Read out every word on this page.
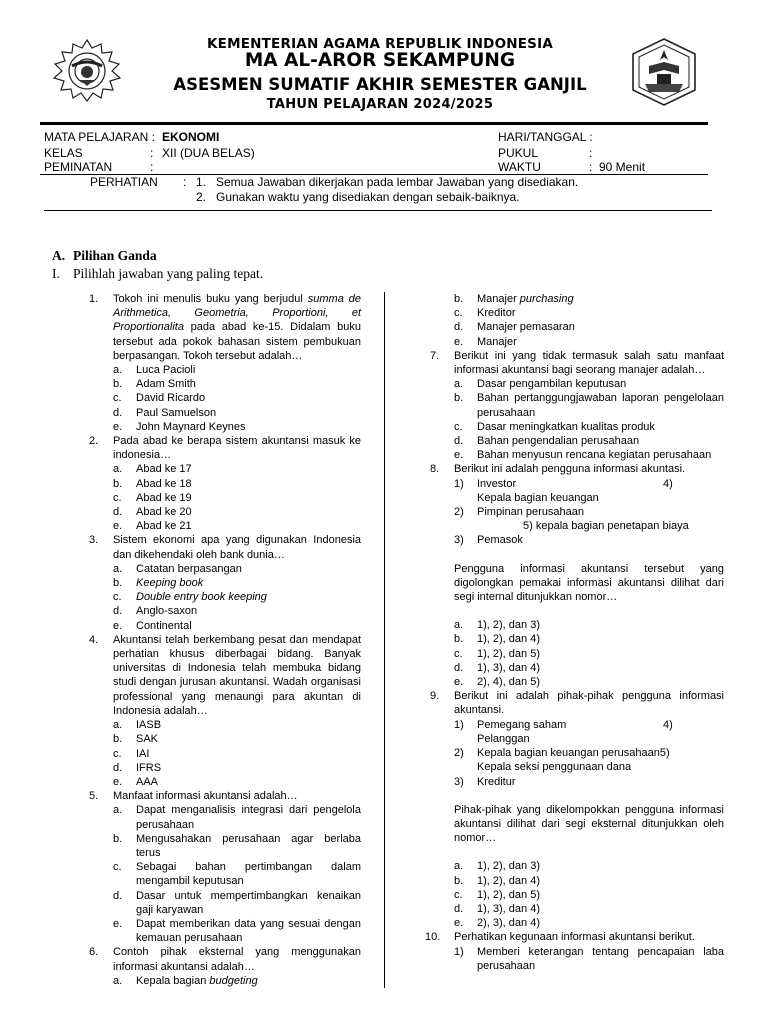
KEMENTERIAN AGAMA REPUBLIK INDONESIA
MA AL-AROR SEKAMPUNG
ASESMEN SUMATIF AKHIR SEMESTER GANJIL
TAHUN PELAJARAN 2024/2025
MATA PELAJARAN : EKONOMI
KELAS	: XII (DUA BELAS)
PEMINATAN	:
HARI/TANGGAL :
PUKUL	:
WAKTU	: 90 Menit
PERHATIAN : 1. Semua Jawaban dikerjakan pada lembar Jawaban yang disediakan.
2. Gunakan waktu yang disediakan dengan sebaik-baiknya.
A. Pilihan Ganda
I. Pilihlah jawaban yang paling tepat.
1. Tokoh ini menulis buku yang berjudul summa de Arithmetica, Geometria, Proportioni, et Proportionalita pada abad ke-15. Didalam buku tersebut ada pokok bahasan sistem pembukuan berpasangan. Tokoh tersebut adalah…
a. Luca Pacioli
b. Adam Smith
c. David Ricardo
d. Paul Samuelson
e. John Maynard Keynes
2. Pada abad ke berapa sistem akuntansi masuk ke indonesia…
a. Abad ke 17
b. Abad ke 18
c. Abad ke 19
d. Abad ke 20
e. Abad ke 21
3. Sistem ekonomi apa yang digunakan Indonesia dan dikehendaki oleh bank dunia…
a. Catatan berpasangan
b. Keeping book
c. Double entry book keeping
d. Anglo-saxon
e. Continental
4. Akuntansi telah berkembang pesat dan mendapat perhatian khusus diberbagai bidang. Banyak universitas di Indonesia telah membuka bidang studi dengan jurusan akuntansi. Wadah organisasi professional yang menaungi para akuntan di Indonesia adalah…
a. IASB
b. SAK
c. IAI
d. IFRS
e. AAA
5. Manfaat informasi akuntansi adalah…
a. Dapat menganalisis integrasi dari pengelola perusahaan
b. Mengusahakan perusahaan agar berlaba terus
c. Sebagai bahan pertimbangan dalam mengambil keputusan
d. Dasar untuk mempertimbangkan kenaikan gaji karyawan
e. Dapat memberikan data yang sesuai dengan kemauan perusahaan
6. Contoh pihak eksternal yang menggunakan informasi akuntansi adalah…
a. Kepala bagian budgeting
b. Manajer purchasing
c. Kreditor
d. Manajer pemasaran
e. Manajer
7. Berikut ini yang tidak termasuk salah satu manfaat informasi akuntansi bagi seorang manajer adalah…
a. Dasar pengambilan keputusan
b. Bahan pertanggungjawaban laporan pengelolaan perusahaan
c. Dasar meningkatkan kualitas produk
d. Bahan pengendalian perusahaan
e. Bahan menyusun rencana kegiatan perusahaan
8. Berikut ini adalah pengguna informasi akuntasi.
1) Investor	4)
Kepala bagian keuangan
2) Pimpinan perusahaan
5) kepala bagian penetapan biaya
3) Pemasok
Pengguna informasi akuntansi tersebut yang digolongkan pemakai informasi akuntansi dilihat dari segi internal ditunjukkan nomor…
a. 1), 2), dan 3)
b. 1), 2), dan 4)
c. 1), 2), dan 5)
d. 1), 3), dan 4)
e. 2), 4), dan 5)
9. Berikut ini adalah pihak-pihak pengguna informasi akuntansi.
1) Pemegang saham	4)
Pelanggan
2) Kepala bagian keuangan perusahaan5)
Kepala seksi penggunaan dana
3) Kreditur
Pihak-pihak yang dikelompokkan pengguna informasi akuntansi dilihat dari segi eksternal ditunjukkan oleh nomor…
a. 1), 2), dan 3)
b. 1), 2), dan 4)
c. 1), 2), dan 5)
d. 1), 3), dan 4)
e. 2), 3), dan 4)
10. Perhatikan kegunaan informasi akuntansi berikut.
1) Memberi keterangan tentang pencapaian laba perusahaan
